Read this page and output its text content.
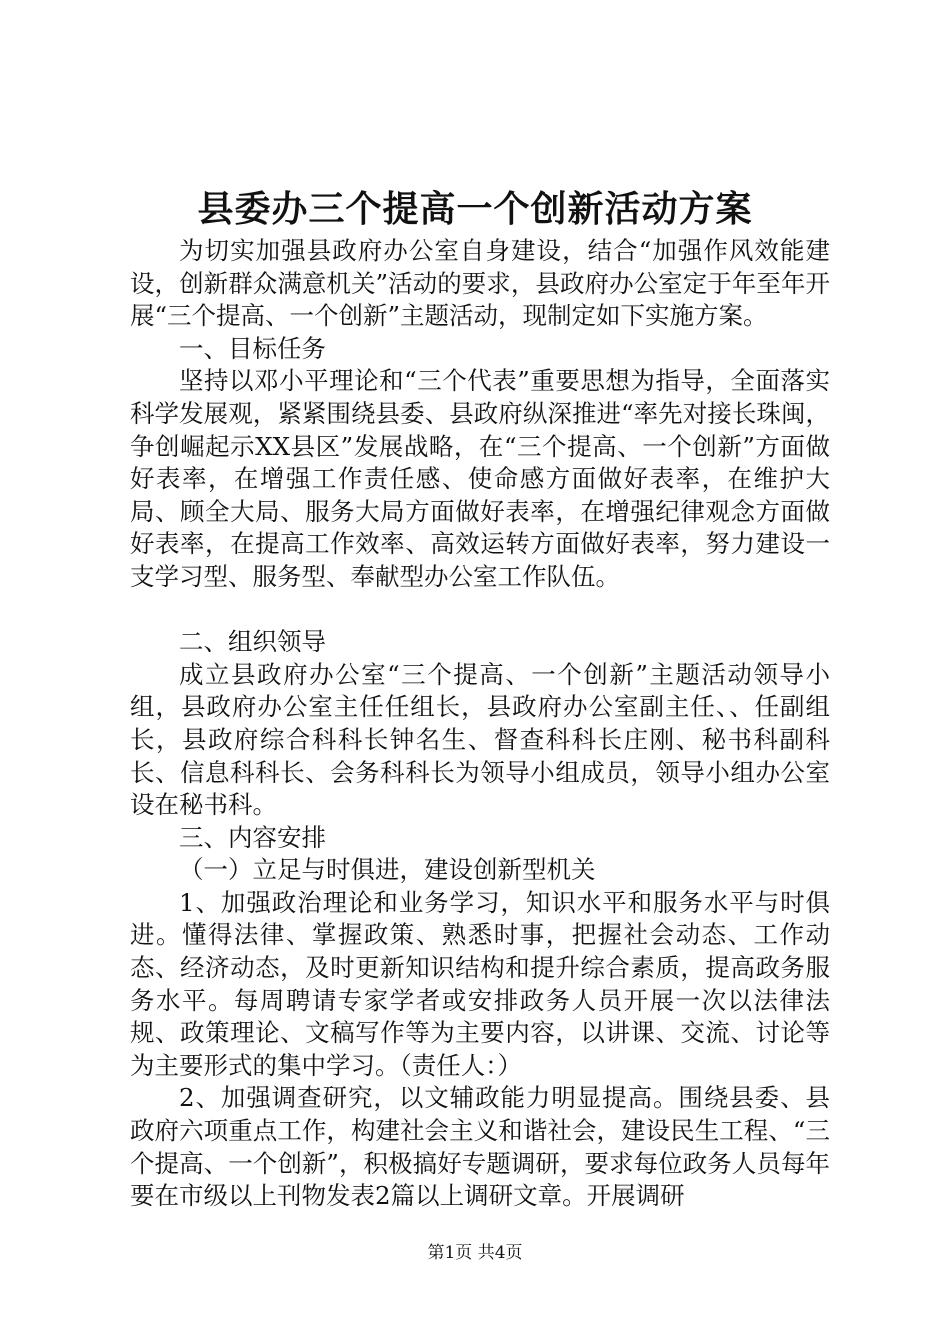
县委办三个提高一个创新活动方案

为切实加强县政府办公室自身建设，结合“加强作风效能建设，创新群众满意机关”活动的要求，县政府办公室定于年至年开展“三个提高、一个创新”主题活动，现制定如下实施方案。

一、目标任务

坚持以邓小平理论和“三个代表”重要思想为指导，全面落实科学发展观，紧紧围绕县委、县政府纵深推进“率先对接长珠闽，争创崛起示XX县区”发展战略，在“三个提高、一个创新”方面做好表率，在增强工作责任感、使命感方面做好表率，在维护大局、顾全大局、服务大局方面做好表率，在增强纪律观念方面做好表率，在提高工作效率、高效运转方面做好表率，努力建设一支学习型、服务型、奉献型办公室工作队伍。

二、组织领导

成立县政府办公室“三个提高、一个创新”主题活动领导小组，县政府办公室主任任组长，县政府办公室副主任、、任副组长，县政府综合科科长钟名生、督查科科长庄刚、秘书科副科长、信息科科长、会务科科长为领导小组成员，领导小组办公室设在秘书科。

三、内容安排

（一）立足与时俱进，建设创新型机关

1、加强政治理论和业务学习，知识水平和服务水平与时俱进。懂得法律、掌握政策、熟悉时事，把握社会动态、工作动态、经济动态，及时更新知识结构和提升综合素质，提高政务服务水平。每周聘请专家学者或安排政务人员开展一次以法律法规、政策理论、文稿写作等为主要内容，以讲课、交流、讨论等为主要形式的集中学习。（责任人：）

2、加强调查研究，以文辅政能力明显提高。围绕县委、县政府六项重点工作，构建社会主义和谐社会，建设民生工程、“三个提高、一个创新”，积极搞好专题调研，要求每位政务人员每年要在市级以上刊物发表2篇以上调研文章。开展调研

第1页 共4页
